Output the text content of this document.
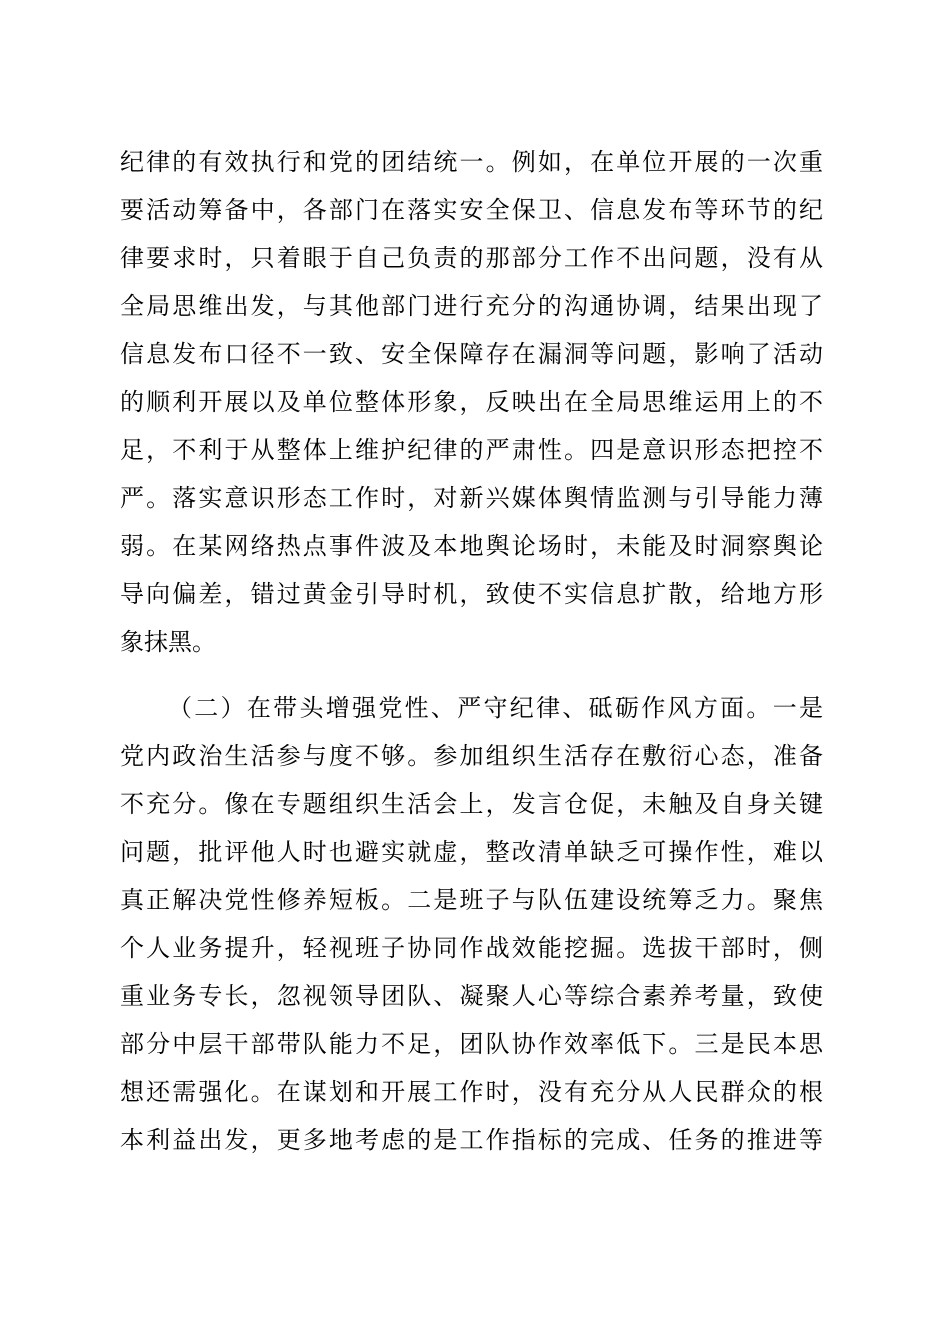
纪律的有效执行和党的团结统一。例如，在单位开展的一次重
要活动筹备中，各部门在落实安全保卫、信息发布等环节的纪
律要求时，只着眼于自己负责的那部分工作不出问题，没有从
全局思维出发，与其他部门进行充分的沟通协调，结果出现了
信息发布口径不一致、安全保障存在漏洞等问题，影响了活动
的顺利开展以及单位整体形象，反映出在全局思维运用上的不
足，不利于从整体上维护纪律的严肃性。四是意识形态把控不
严。落实意识形态工作时，对新兴媒体舆情监测与引导能力薄
弱。在某网络热点事件波及本地舆论场时，未能及时洞察舆论
导向偏差，错过黄金引导时机，致使不实信息扩散，给地方形
象抹黑。
（二）在带头增强党性、严守纪律、砥砺作风方面。一是
党内政治生活参与度不够。参加组织生活存在敷衍心态，准备
不充分。像在专题组织生活会上，发言仓促，未触及自身关键
问题，批评他人时也避实就虚，整改清单缺乏可操作性，难以
真正解决党性修养短板。二是班子与队伍建设统筹乏力。聚焦
个人业务提升，轻视班子协同作战效能挖掘。选拔干部时，侧
重业务专长，忽视领导团队、凝聚人心等综合素养考量，致使
部分中层干部带队能力不足，团队协作效率低下。三是民本思
想还需强化。在谋划和开展工作时，没有充分从人民群众的根
本利益出发，更多地考虑的是工作指标的完成、任务的推进等
